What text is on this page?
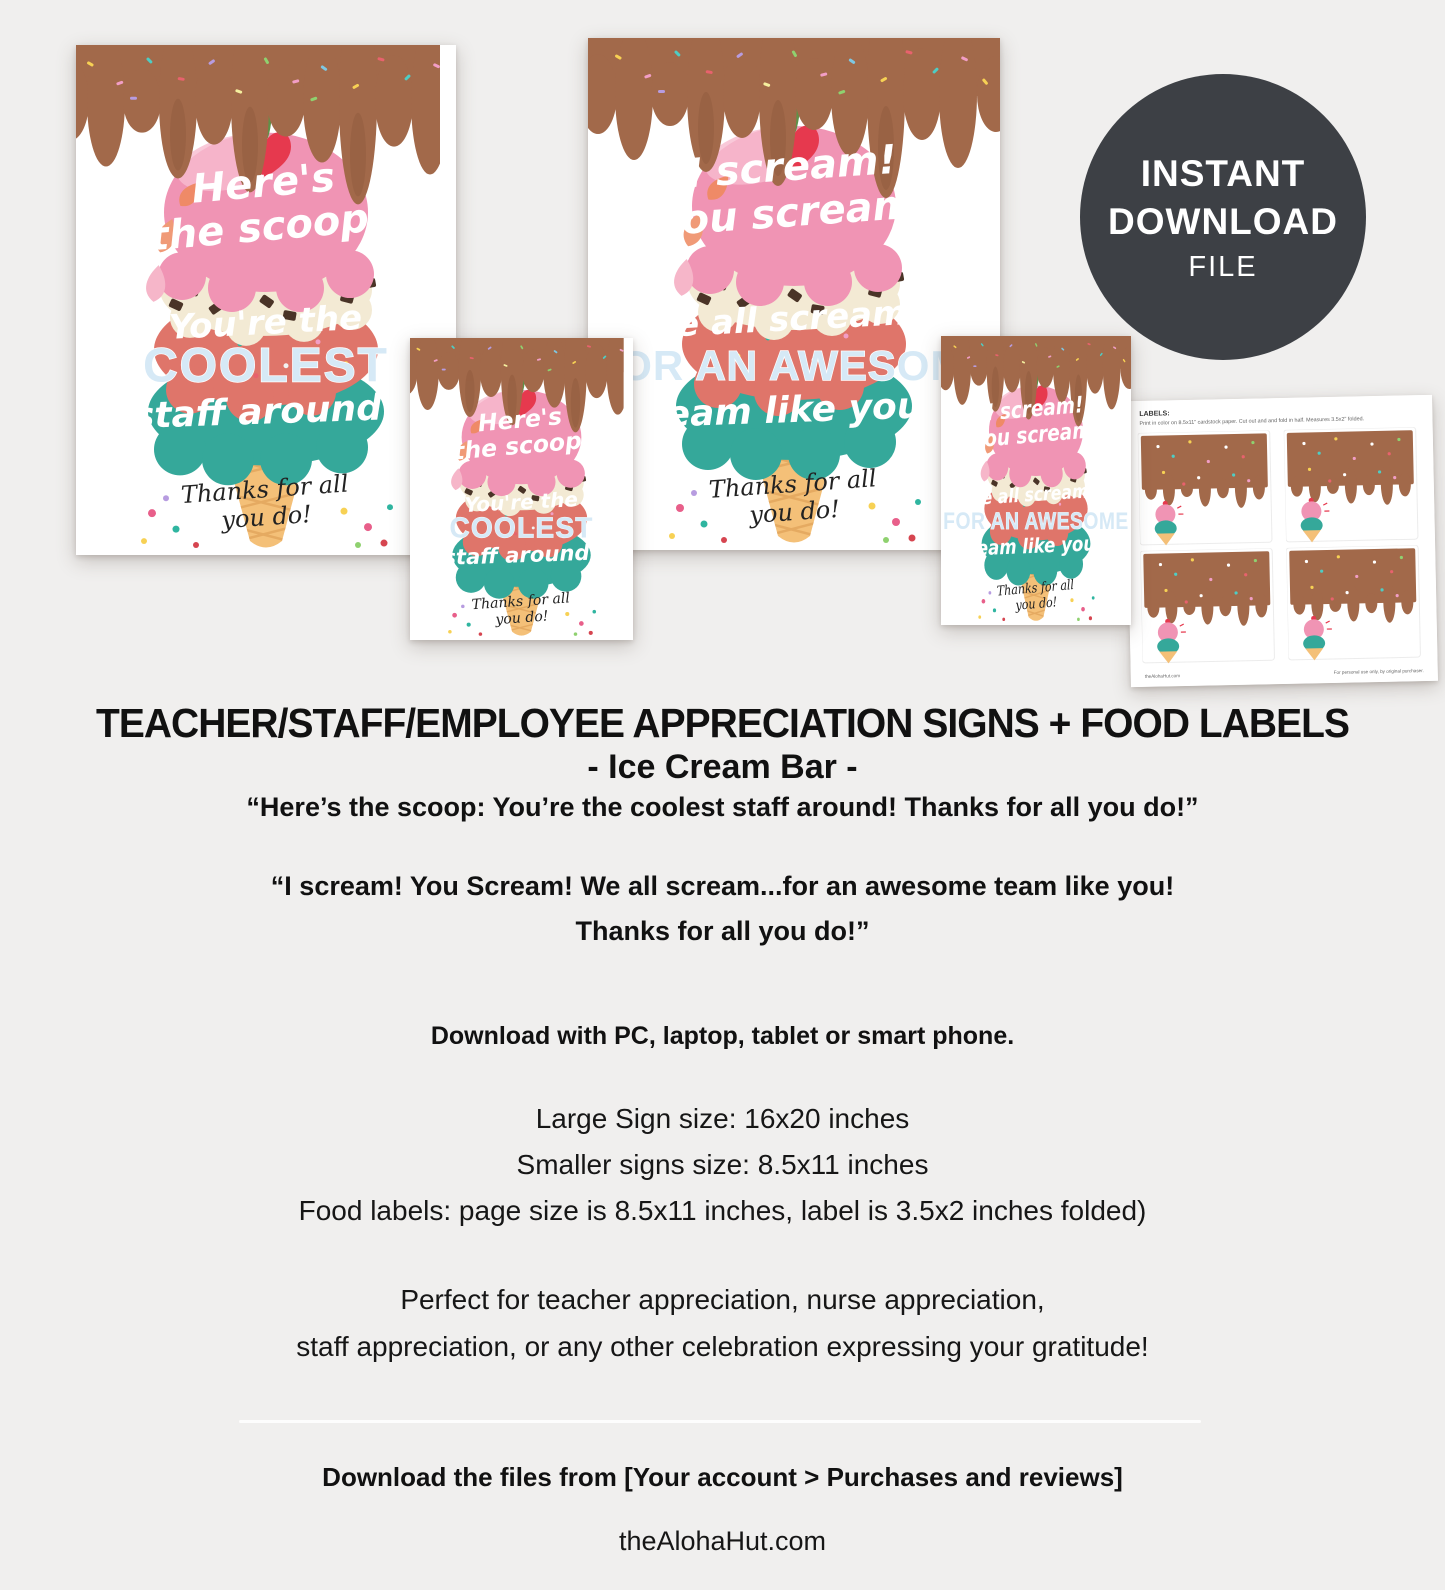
INSTANT
DOWNLOAD
FILE
TEACHER/STAFF/EMPLOYEE APPRECIATION SIGNS + FOOD LABELS
- Ice Cream Bar -
“Here’s the scoop: You’re the coolest staff around! Thanks for all you do!”
“I scream! You Scream! We all scream...for an awesome team like you!
Thanks for all you do!”
Download with PC, laptop, tablet or smart phone.
Large Sign size: 16x20 inches
Smaller signs size: 8.5x11 inches
Food labels: page size is 8.5x11 inches, label is 3.5x2 inches folded)
Perfect for teacher appreciation, nurse appreciation,
staff appreciation, or any other celebration expressing your gratitude!
Download the files from [Your account > Purchases and reviews]
theAlohaHut.com
